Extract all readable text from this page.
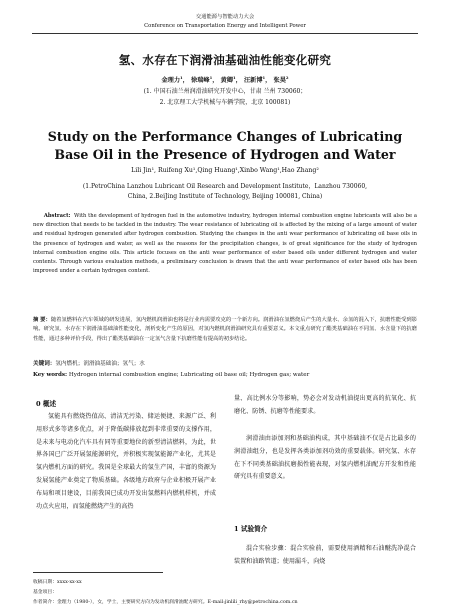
交通能源与智能动力大会
Conference on Transportation Energy and Intelligent Power
氢、水存在下润滑油基础油性能变化研究
金理力$^1$， 徐瑞峰$^1$， 黄卿$^1$， 汪新博$^1$， 张昊$^2$
(1. 中国石油兰州润滑油研究开发中心，甘肃 兰州 730060；
2. 北京理工大学机械与车辆学院，北京 100081)
Study on the Performance Changes of Lubricating
Base Oil in the Presence of Hydrogen and Water
Lili Jin¹, Ruifeng Xu¹,Qing Huang¹,Xinbo Wang¹,Hao Zhang²
(1.PetroChina Lanzhou Lubricant Oil Research and Development Institute，Lanzhou 730060,
China, 2.BeiJing Institute of Technology, Beijing 100081, China)
Abstract: With the development of hydrogen fuel in the automotive industry, hydrogen internal combustion engine lubricants will also be a new direction that needs to be tackled in the industry. The wear resistance of lubricating oil is affected by the mixing of a large amount of water and residual hydrogen generated after hydrogen combustion. Studying the changes in the anti wear performance of lubricating oil base oils in the presence of hydrogen and water, as well as the reasons for the precipitation changes, is of great significance for the study of hydrogen internal combustion engine oils. This article focuses on the anti wear performance of ester based oils under different hydrogen and water contents. Through various evaluation methods, a preliminary conclusion is drawn that the anti wear performance of ester based oils has been improved under a certain hydrogen content.
摘 要：随着氢燃料在汽车领域的研发进展，氢内燃机润滑油也将是行业内需要攻克的一个新方向。润滑油在氢燃烧后产生的大量水、余氢的混入下，抗磨性能受到影响。研究氢、水存在下润滑油基础油性能变化，剖析变化产生的原因，对氢内燃机润滑油研究具有重要意义。本文重点研究了酯类基础油在不同氢、水含量下的抗磨性能，通过多种评价手段，得出了酯类基础油在一定氢气含量下抗磨性能有提高的初步结论。
关键词：氢内燃机；润滑油基础油；氢气；水
Key words: Hydrogen internal combustion engine; Lubricating oil base oil; Hydrogen gas; water
0 概述
氢能具有燃烧热值高、清洁无污染、储运便捷、来源广泛、利用形式多等诸多优点，对于降低碳排放起到非常重要的支撑作用，是未来与电动化汽车具有同等重要地位的新型清洁燃料，为此，世界各国已广泛开展氢能源研究，并积极实现氢能源产业化，尤其是氢内燃机方面的研究。我国是全球最大的氢生产国，丰富的资源为发展氢能产业奠定了物质基础。各级地方政府与企业积极开展产业布局和项目建设，目前我国已成功开发出氢燃料内燃机样机，并成功点火应用，而氢能燃烧产生的高热
量、高比例水分等影响，势必会对发动机油提出更高的抗氧化、抗磨化、防锈、抗磨等性能要求。
润滑油由添加剂和基础油构成，其中基础油不仅是占比最多的润滑油组分，也是发挥各类添加剂功效的重要载体。研究氢、水存在下不同类基础油抗磨损性能表现，对氢内燃机油配方开发和性能研究具有重要意义。
1 试验简介
混合实验步骤：混合实验前，需要使用酒精和石油醚洗净混合装置和油路管道；使用漏斗，向烧
收稿日期：xxxx-xx-xx
基金项目：
作者简介：金理力（1980-），女，学士，主要研究方向为发动机润滑油配方研究。E-mail:jinlili_rhy@petrochina.com.cn
